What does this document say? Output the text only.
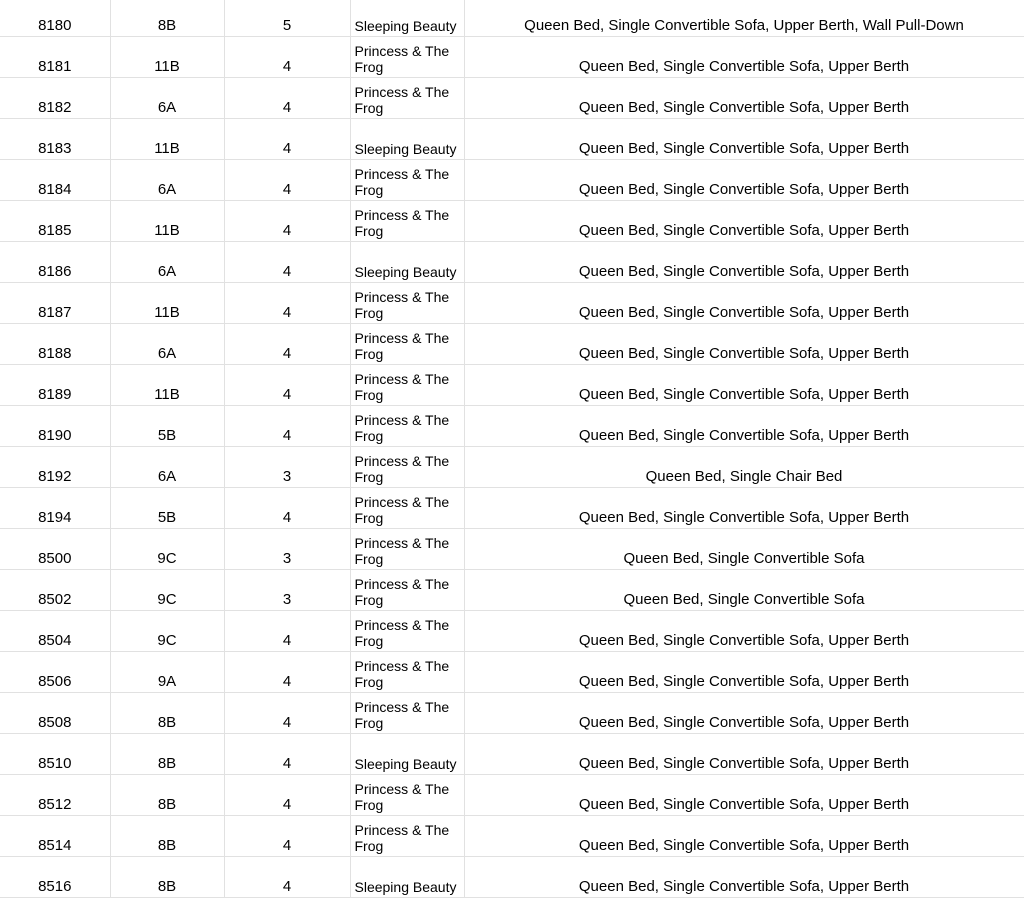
8180	8B	5	Sleeping Beauty	Queen Bed, Single Convertible Sofa, Upper Berth, Wall Pull-Down
8181	11B	4	Princess & The Frog	Queen Bed, Single Convertible Sofa, Upper Berth
8182	6A	4	Princess & The Frog	Queen Bed, Single Convertible Sofa, Upper Berth
8183	11B	4	Sleeping Beauty	Queen Bed, Single Convertible Sofa, Upper Berth
8184	6A	4	Princess & The Frog	Queen Bed, Single Convertible Sofa, Upper Berth
8185	11B	4	Princess & The Frog	Queen Bed, Single Convertible Sofa, Upper Berth
8186	6A	4	Sleeping Beauty	Queen Bed, Single Convertible Sofa, Upper Berth
8187	11B	4	Princess & The Frog	Queen Bed, Single Convertible Sofa, Upper Berth
8188	6A	4	Princess & The Frog	Queen Bed, Single Convertible Sofa, Upper Berth
8189	11B	4	Princess & The Frog	Queen Bed, Single Convertible Sofa, Upper Berth
8190	5B	4	Princess & The Frog	Queen Bed, Single Convertible Sofa, Upper Berth
8192	6A	3	Princess & The Frog	Queen Bed, Single Chair Bed
8194	5B	4	Princess & The Frog	Queen Bed, Single Convertible Sofa, Upper Berth
8500	9C	3	Princess & The Frog	Queen Bed, Single Convertible Sofa
8502	9C	3	Princess & The Frog	Queen Bed, Single Convertible Sofa
8504	9C	4	Princess & The Frog	Queen Bed, Single Convertible Sofa, Upper Berth
8506	9A	4	Princess & The Frog	Queen Bed, Single Convertible Sofa, Upper Berth
8508	8B	4	Princess & The Frog	Queen Bed, Single Convertible Sofa, Upper Berth
8510	8B	4	Sleeping Beauty	Queen Bed, Single Convertible Sofa, Upper Berth
8512	8B	4	Princess & The Frog	Queen Bed, Single Convertible Sofa, Upper Berth
8514	8B	4	Princess & The Frog	Queen Bed, Single Convertible Sofa, Upper Berth
8516	8B	4	Sleeping Beauty	Queen Bed, Single Convertible Sofa, Upper Berth
